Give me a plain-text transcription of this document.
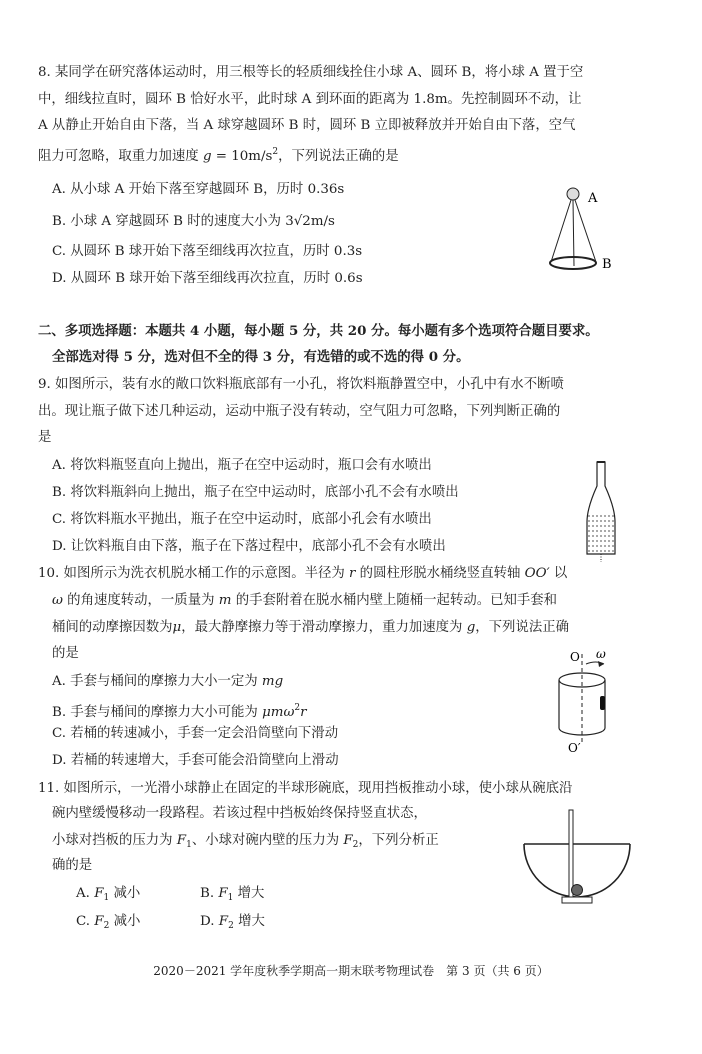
8. 某同学在研究落体运动时，用三根等长的轻质细线拴住小球 A、圆环 B，将小球 A 置于空
中，细线拉直时，圆环 B 恰好水平，此时球 A 到环面的距离为 1.8m。先控制圆环不动，让
A 从静止开始自由下落，当 A 球穿越圆环 B 时，圆环 B 立即被释放并开始自由下落，空气
阻力可忽略，取重力加速度 $g = 10m/s^2$，下列说法正确的是
A. 从小球 A 开始下落至穿越圆环 B，历时 0.36s
B. 小球 A 穿越圆环 B 时的速度大小为 3√2m/s
C. 从圆环 B 球开始下落至细线再次拉直，历时 0.3s
D. 从圆环 B 球开始下落至细线再次拉直，历时 0.6s
A
B
二、多项选择题：本题共 4 小题，每小题 5 分，共 20 分。每小题有多个选项符合题目要求。
全部选对得 5 分，选对但不全的得 3 分，有选错的或不选的得 0 分。
9. 如图所示，装有水的敞口饮料瓶底部有一小孔，将饮料瓶静置空中，小孔中有水不断喷
出。现让瓶子做下述几种运动，运动中瓶子没有转动，空气阻力可忽略，下列判断正确的
是
A. 将饮料瓶竖直向上抛出，瓶子在空中运动时，瓶口会有水喷出
B. 将饮料瓶斜向上抛出，瓶子在空中运动时，底部小孔不会有水喷出
C. 将饮料瓶水平抛出，瓶子在空中运动时，底部小孔会有水喷出
D. 让饮料瓶自由下落，瓶子在下落过程中，底部小孔不会有水喷出
10. 如图所示为洗衣机脱水桶工作的示意图。半径为 r 的圆柱形脱水桶绕竖直转轴 OO′ 以
ω 的角速度转动，一质量为 m 的手套附着在脱水桶内壁上随桶一起转动。已知手套和
桶间的动摩擦因数为μ，最大静摩擦力等于滑动摩擦力，重力加速度为 g，下列说法正确
的是
A. 手套与桶间的摩擦力大小一定为 mg
B. 手套与桶间的摩擦力大小可能为 μmω$^2$r
C. 若桶的转速减小，手套一定会沿筒壁向下滑动
D. 若桶的转速增大，手套可能会沿筒壁向上滑动
O ω
O′
11. 如图所示，一光滑小球静止在固定的半球形碗底，现用挡板推动小球，使小球从碗底沿
碗内壁缓慢移动一段路程。若该过程中挡板始终保持竖直状态，
小球对挡板的压力为 $F_1$、小球对碗内壁的压力为 $F_2$，下列分析正
确的是
A. $F_1$ 减小	B. $F_1$ 增大
C. $F_2$ 减小	D. $F_2$ 增大
2020－2021 学年度秋季学期高一期末联考物理试卷　第 3 页（共 6 页）
